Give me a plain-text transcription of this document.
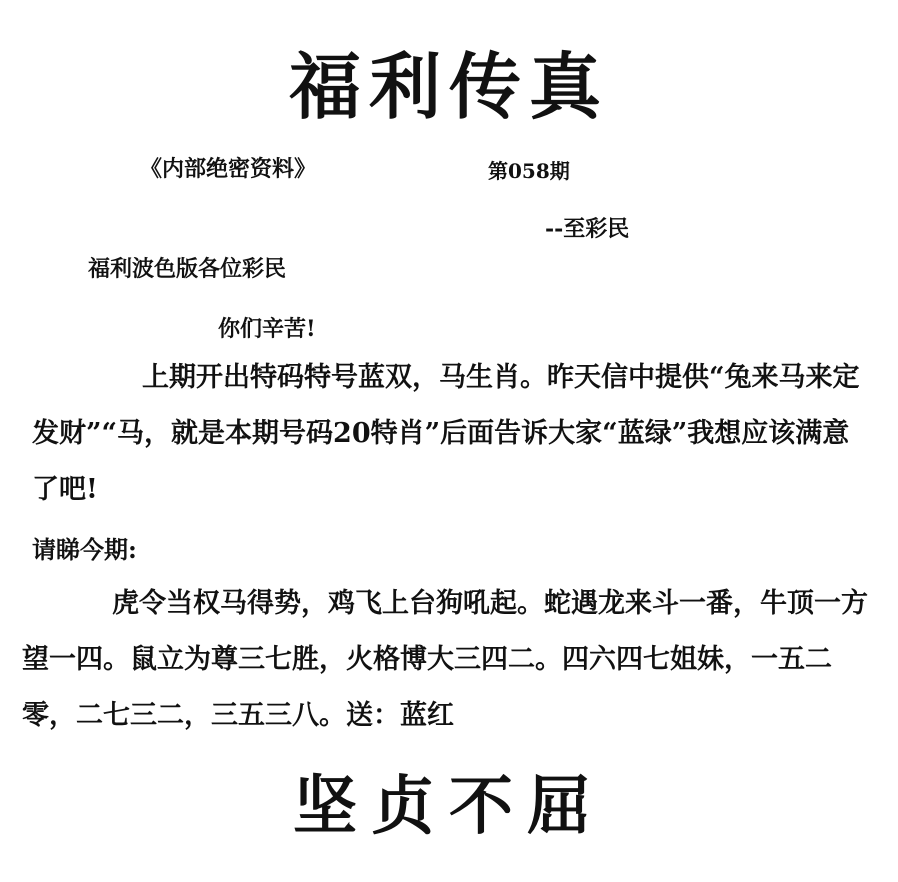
福利传真
《内部绝密资料》	第058期
--至彩民
福利波色版各位彩民
你们辛苦!
上期开出特码特号蓝双，马生肖。昨天信中提供“兔来马来定发财”“马，就是本期号码20特肖”后面告诉大家“蓝绿”我想应该满意了吧!
请睇今期:
虎令当权马得势，鸡飞上台狗吼起。蛇遇龙来斗一番，牛顶一方望一四。鼠立为尊三七胜，火格博大三四二。四六四七姐妹，一五二零，二七三二，三五三八。送：蓝红
坚贞不屈
